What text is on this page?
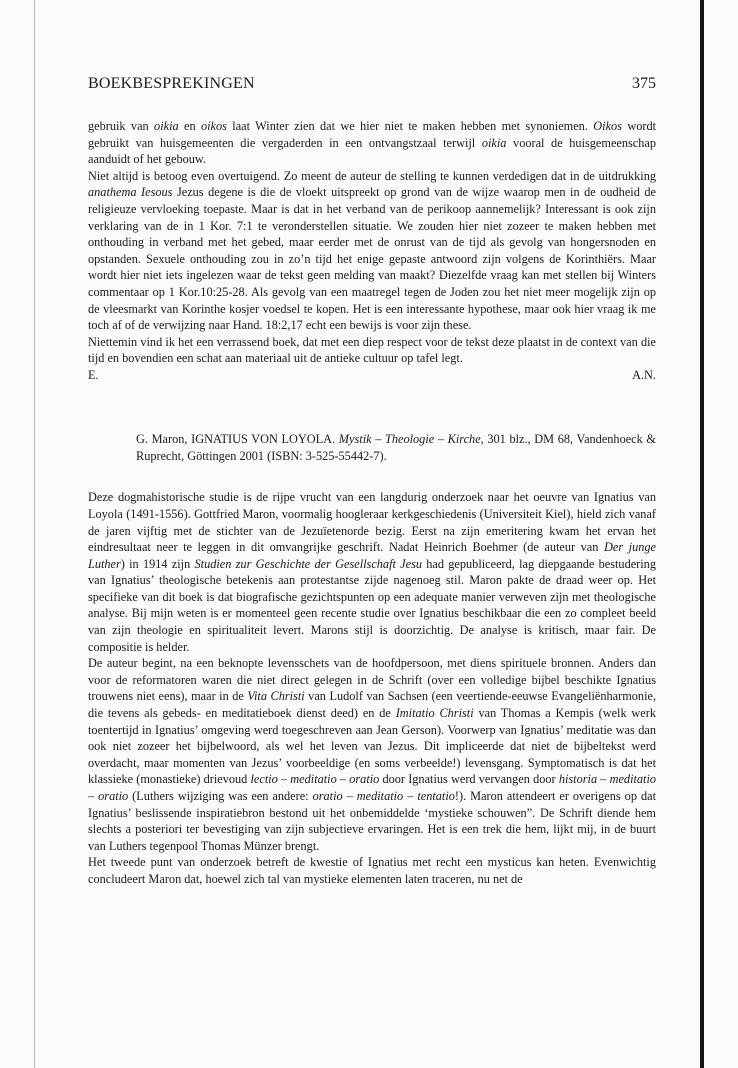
BOEKBESPREKINGEN	375

gebruik van oikia en oikos laat Winter zien dat we hier niet te maken hebben met synoniemen. Oikos wordt gebruikt van huisgemeenten die vergaderden in een ontvangstzaal terwijl oikia vooral de huisgemeenschap aanduidt of het gebouw.

Niet altijd is betoog even overtuigend. Zo meent de auteur de stelling te kunnen verdedigen dat in de uitdrukking anathema Iesous Jezus degene is die de vloekt uitspreekt op grond van de wijze waarop men in de oudheid de religieuze vervloeking toepaste. Maar is dat in het verband van de perikoop aannemelijk? Interessant is ook zijn verklaring van de in 1 Kor. 7:1 te veronderstellen situatie. We zouden hier niet zozeer te maken hebben met onthouding in verband met het gebed, maar eerder met de onrust van de tijd als gevolg van hongersnoden en opstanden. Sexuele onthouding zou in zo’n tijd het enige gepaste antwoord zijn volgens de Korinthiërs. Maar wordt hier niet iets ingelezen waar de tekst geen melding van maakt? Diezelfde vraag kan met stellen bij Winters commentaar op 1 Kor.10:25-28. Als gevolg van een maatregel tegen de Joden zou het niet meer mogelijk zijn op de vleesmarkt van Korinthe kosjer voedsel te kopen. Het is een interessante hypothese, maar ook hier vraag ik me toch af of de verwijzing naar Hand. 18:2,17 echt een bewijs is voor zijn these.

Niettemin vind ik het een verrassend boek, dat met een diep respect voor de tekst deze plaatst in de context van die tijd en bovendien een schat aan materiaal uit de antieke cultuur op tafel legt.

E.	A.N.

G. Maron, IGNATIUS VON LOYOLA. Mystik – Theologie – Kirche, 301 blz., DM 68, Vandenhoeck & Ruprecht, Göttingen 2001 (ISBN: 3-525-55442-7).

Deze dogmahistorische studie is de rijpe vrucht van een langdurig onderzoek naar het oeuvre van Ignatius van Loyola (1491-1556). Gottfried Maron, voormalig hoogleraar kerkgeschiedenis (Universiteit Kiel), hield zich vanaf de jaren vijftig met de stichter van de Jezuïetenorde bezig. Eerst na zijn emeritering kwam het ervan het eindresultaat neer te leggen in dit omvangrijke geschrift. Nadat Heinrich Boehmer (de auteur van Der junge Luther) in 1914 zijn Studien zur Geschichte der Gesellschaft Jesu had gepubliceerd, lag diepgaande bestudering van Ignatius’ theologische betekenis aan protestantse zijde nagenoeg stil. Maron pakte de draad weer op. Het specifieke van dit boek is dat biografische gezichtspunten op een adequate manier verweven zijn met theologische analyse. Bij mijn weten is er momenteel geen recente studie over Ignatius beschikbaar die een zo compleet beeld van zijn theologie en spiritualiteit levert. Marons stijl is doorzichtig. De analyse is kritisch, maar fair. De compositie is helder.

De auteur begint, na een beknopte levensschets van de hoofdpersoon, met diens spirituele bronnen. Anders dan voor de reformatoren waren die niet direct gelegen in de Schrift (over een volledige bijbel beschikte Ignatius trouwens niet eens), maar in de Vita Christi van Ludolf van Sachsen (een veertiende-eeuwse Evangeliënharmonie, die tevens als gebeds- en meditatieboek dienst deed) en de Imitatio Christi van Thomas a Kempis (welk werk toentertijd in Ignatius’ omgeving werd toegeschreven aan Jean Gerson). Voorwerp van Ignatius’ meditatie was dan ook niet zozeer het bijbelwoord, als wel het leven van Jezus. Dit impliceerde dat niet de bijbeltekst werd overdacht, maar momenten van Jezus’ voorbeeldige (en soms verbeelde!) levensgang. Symptomatisch is dat het klassieke (monastieke) drievoud lectio – meditatio – oratio door Ignatius werd vervangen door historia – meditatio – oratio (Luthers wijziging was een andere: oratio – meditatio – tentatio!). Maron attendeert er overigens op dat Ignatius’ beslissende inspiratiebron bestond uit het onbemiddelde ‘mystieke schouwen”. De Schrift diende hem slechts a posteriori ter bevestiging van zijn subjectieve ervaringen. Het is een trek die hem, lijkt mij, in de buurt van Luthers tegenpool Thomas Münzer brengt.

Het tweede punt van onderzoek betreft de kwestie of Ignatius met recht een mysticus kan heten. Evenwichtig concludeert Maron dat, hoewel zich tal van mystieke elementen laten traceren, nu net de
